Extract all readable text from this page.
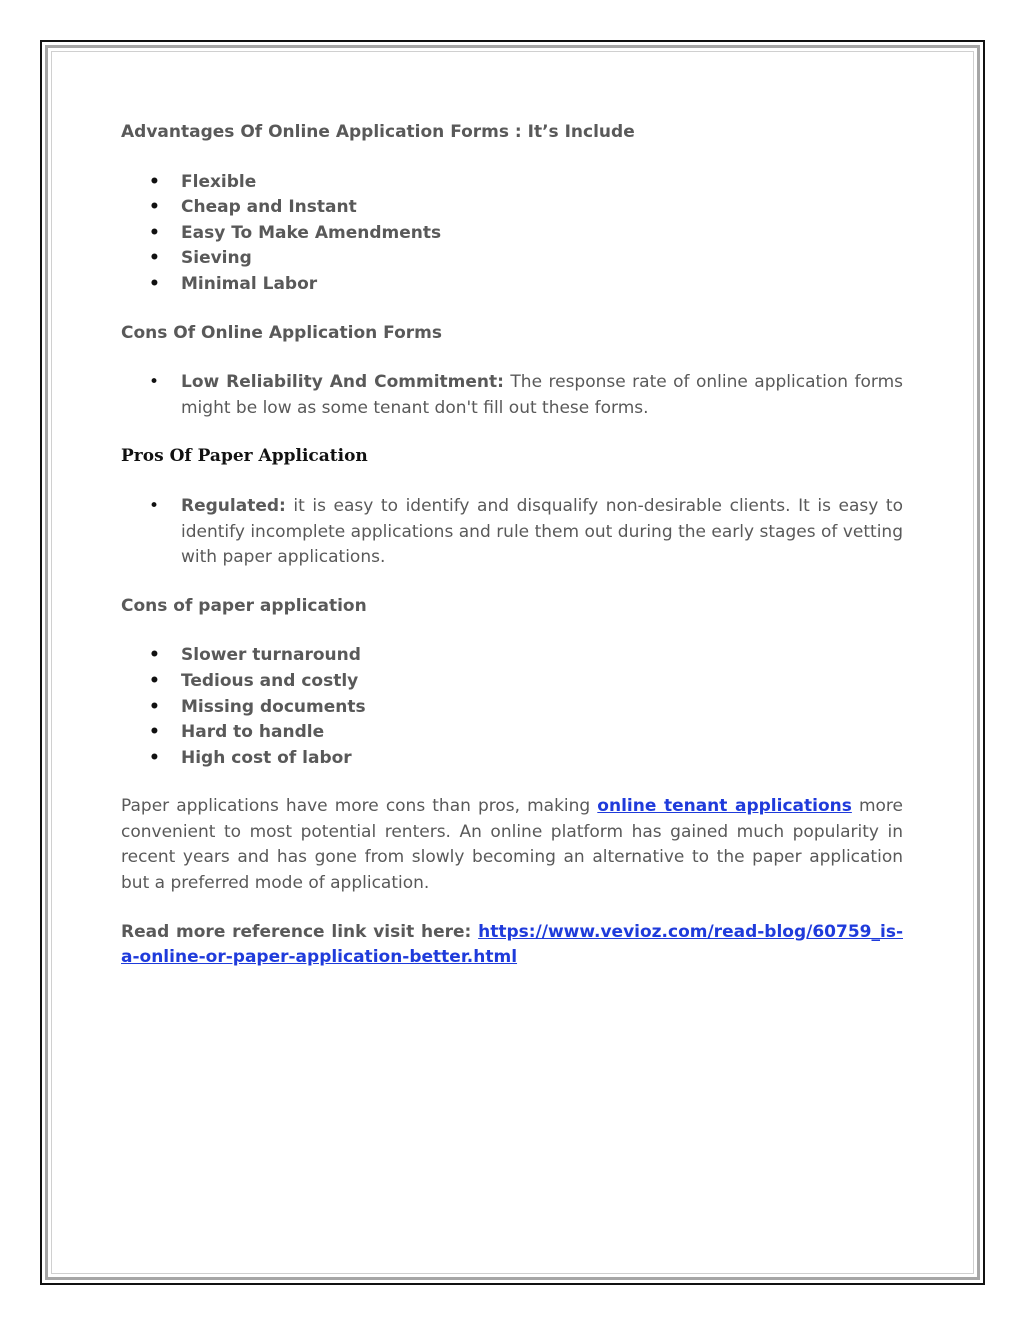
Advantages Of Online Application Forms : It’s Include
• Flexible
• Cheap and Instant
• Easy To Make Amendments
• Sieving
• Minimal Labor
Cons Of Online Application Forms
• Low Reliability And Commitment: The response rate of online application forms might be low as some tenant don't fill out these forms.
Pros Of Paper Application
• Regulated: it is easy to identify and disqualify non-desirable clients. It is easy to identify incomplete applications and rule them out during the early stages of vetting with paper applications.
Cons of paper application
• Slower turnaround
• Tedious and costly
• Missing documents
• Hard to handle
• High cost of labor

Paper applications have more cons than pros, making online tenant applications more convenient to most potential renters. An online platform has gained much popularity in recent years and has gone from slowly becoming an alternative to the paper application but a preferred mode of application.

Read more reference link visit here: https://www.vevioz.com/read-blog/60759_is-a-online-or-paper-application-better.html
